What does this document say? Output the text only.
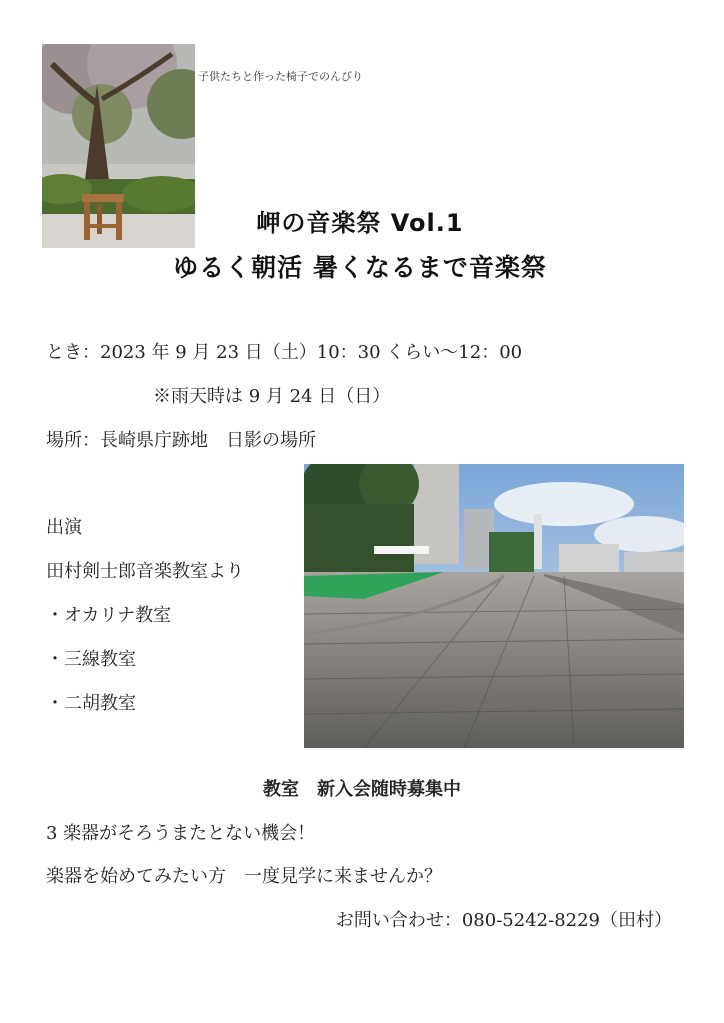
子供たちと作った椅子でのんびり
岬の音楽祭 Vol.1
ゆるく朝活 暑くなるまで音楽祭
とき：2023 年 9 月 23 日（土）10：30 くらい〜12：00
※雨天時は 9 月 24 日（日）
場所：長崎県庁跡地　日影の場所
出演
田村剣士郎音楽教室より
・オカリナ教室
・三線教室
・二胡教室
教室　新入会随時募集中
3 楽器がそろうまたとない機会！
楽器を始めてみたい方　一度見学に来ませんか？
お問い合わせ：080-5242-8229（田村）
